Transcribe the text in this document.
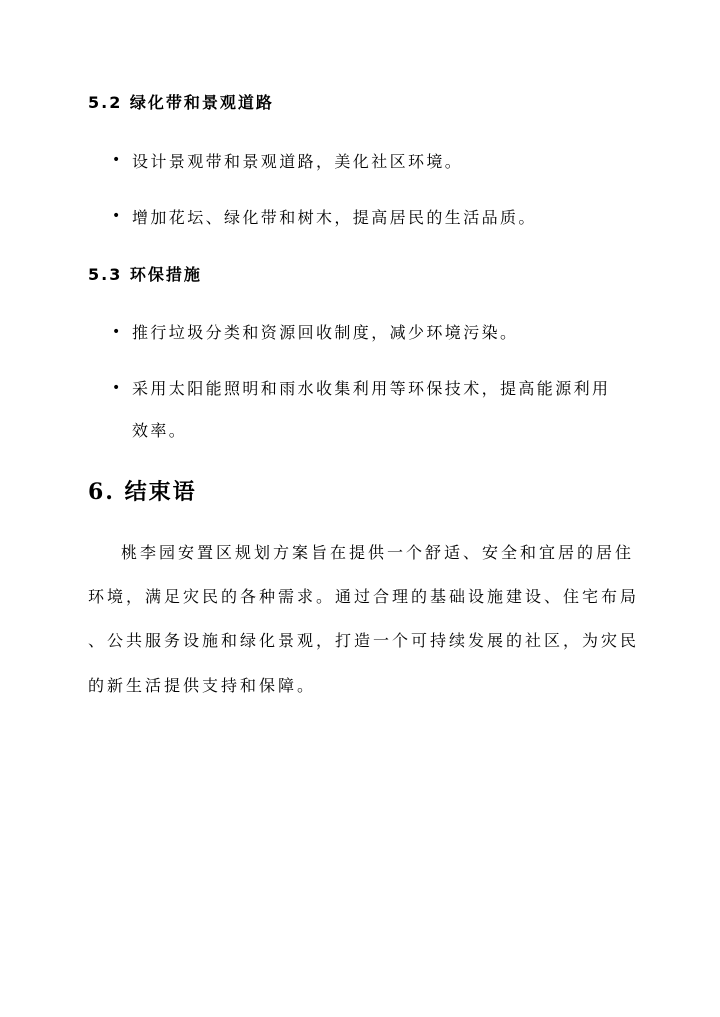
5.2 绿化带和景观道路
• 设计景观带和景观道路，美化社区环境。
• 增加花坛、绿化带和树木，提高居民的生活品质。
5.3 环保措施
• 推行垃圾分类和资源回收制度，减少环境污染。
• 采用太阳能照明和雨水收集利用等环保技术，提高能源利用
效率。
6. 结束语
桃李园安置区规划方案旨在提供一个舒适、安全和宜居的居住
环境，满足灾民的各种需求。通过合理的基础设施建设、住宅布局
、公共服务设施和绿化景观，打造一个可持续发展的社区，为灾民
的新生活提供支持和保障。
